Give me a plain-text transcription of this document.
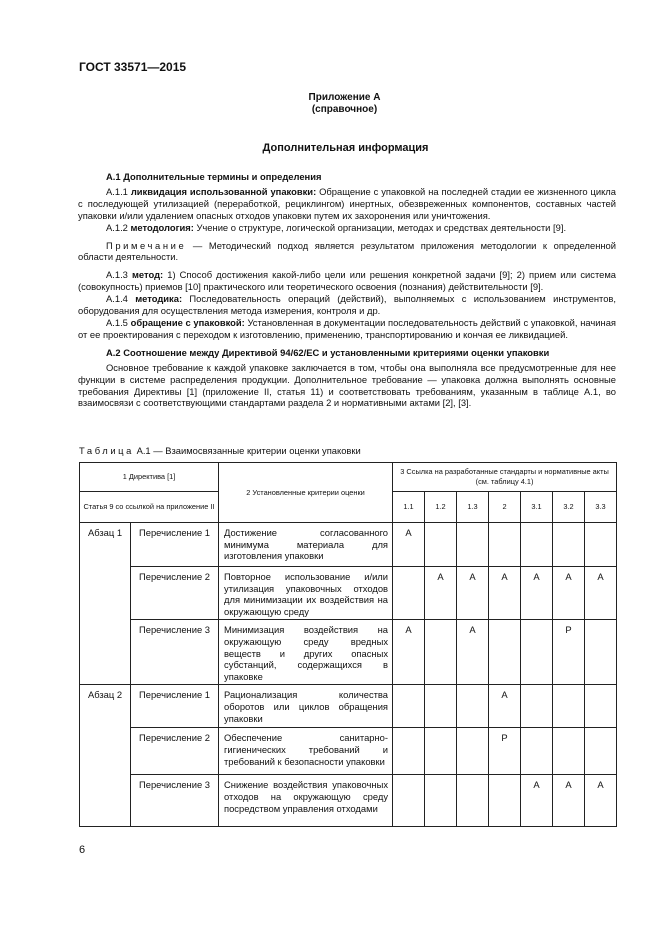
ГОСТ 33571—2015
Приложение А
(справочное)
Дополнительная информация

А.1 Дополнительные термины и определения

А.1.1 ликвидация использованной упаковки: Обращение с упаковкой на последней стадии ее жизненного цикла с последующей утилизацией (переработкой, рециклингом) инертных, обезвреженных компонентов, составных частей упаковки и/или удалением опасных отходов упаковки путем их захоронения или уничтожения.

А.1.2 методология: Учение о структуре, логической организации, методах и средствах деятельности [9].

Примечание — Методический подход является результатом приложения методологии к определенной области деятельности.

А.1.3 метод: 1) Способ достижения какой-либо цели или решения конкретной задачи [9]; 2) прием или система (совокупность) приемов [10] практического или теоретического освоения (познания) действительности [9].

А.1.4 методика: Последовательность операций (действий), выполняемых с использованием инструментов, оборудования для осуществления метода измерения, контроля и др.

А.1.5 обращение с упаковкой: Установленная в документации последовательность действий с упаковкой, начиная от ее проектирования с переходом к изготовлению, применению, транспортированию и кончая ее ликвидацией.

А.2 Соотношение между Директивой 94/62/ЕС и установленными критериями оценки упаковки

Основное требование к каждой упаковке заключается в том, чтобы она выполняла все предусмотренные для нее функции в системе распределения продукции. Дополнительное требование — упаковка должна выполнять основные требования Директивы [1] (приложение II, статья 11) и соответствовать требованиям, указанным в таблице А.1, во взаимосвязи с соответствующими стандартами раздела 2 и нормативными актами [2], [3].

Таблица А.1 — Взаимосвязанные критерии оценки упаковки
1 Директива [1]		2 Установленные критерии оценки	3 Ссылка на разработанные стандарты и нормативные акты (см. таблицу 4.1)						
Статья 9 со ссылкой на приложение II			1.1	1.2	1.3	2	3.1	3.2	3.3
Абзац 1	Перечисление 1	Достижение согласованного минимума материала для изготовления упаковки	А						
	Перечисление 2	Повторное использование и/или утилизация упаковочных отходов для минимизации их воздействия на окружающую среду		А	А	А	А	А	А
	Перечисление 3	Минимизация воздействия на окружающую среду вредных веществ и других опасных субстанций, содержащихся в упаковке	А		А			Р	
Абзац 2	Перечисление 1	Рационализация количества оборотов или циклов обращения упаковки				А			
	Перечисление 2	Обеспечение санитарно-гигиенических требований и требований к безопасности упаковки				Р			
	Перечисление 3	Снижение воздействия упаковочных отходов на окружающую среду посредством управления отходами					А	А	А
6
